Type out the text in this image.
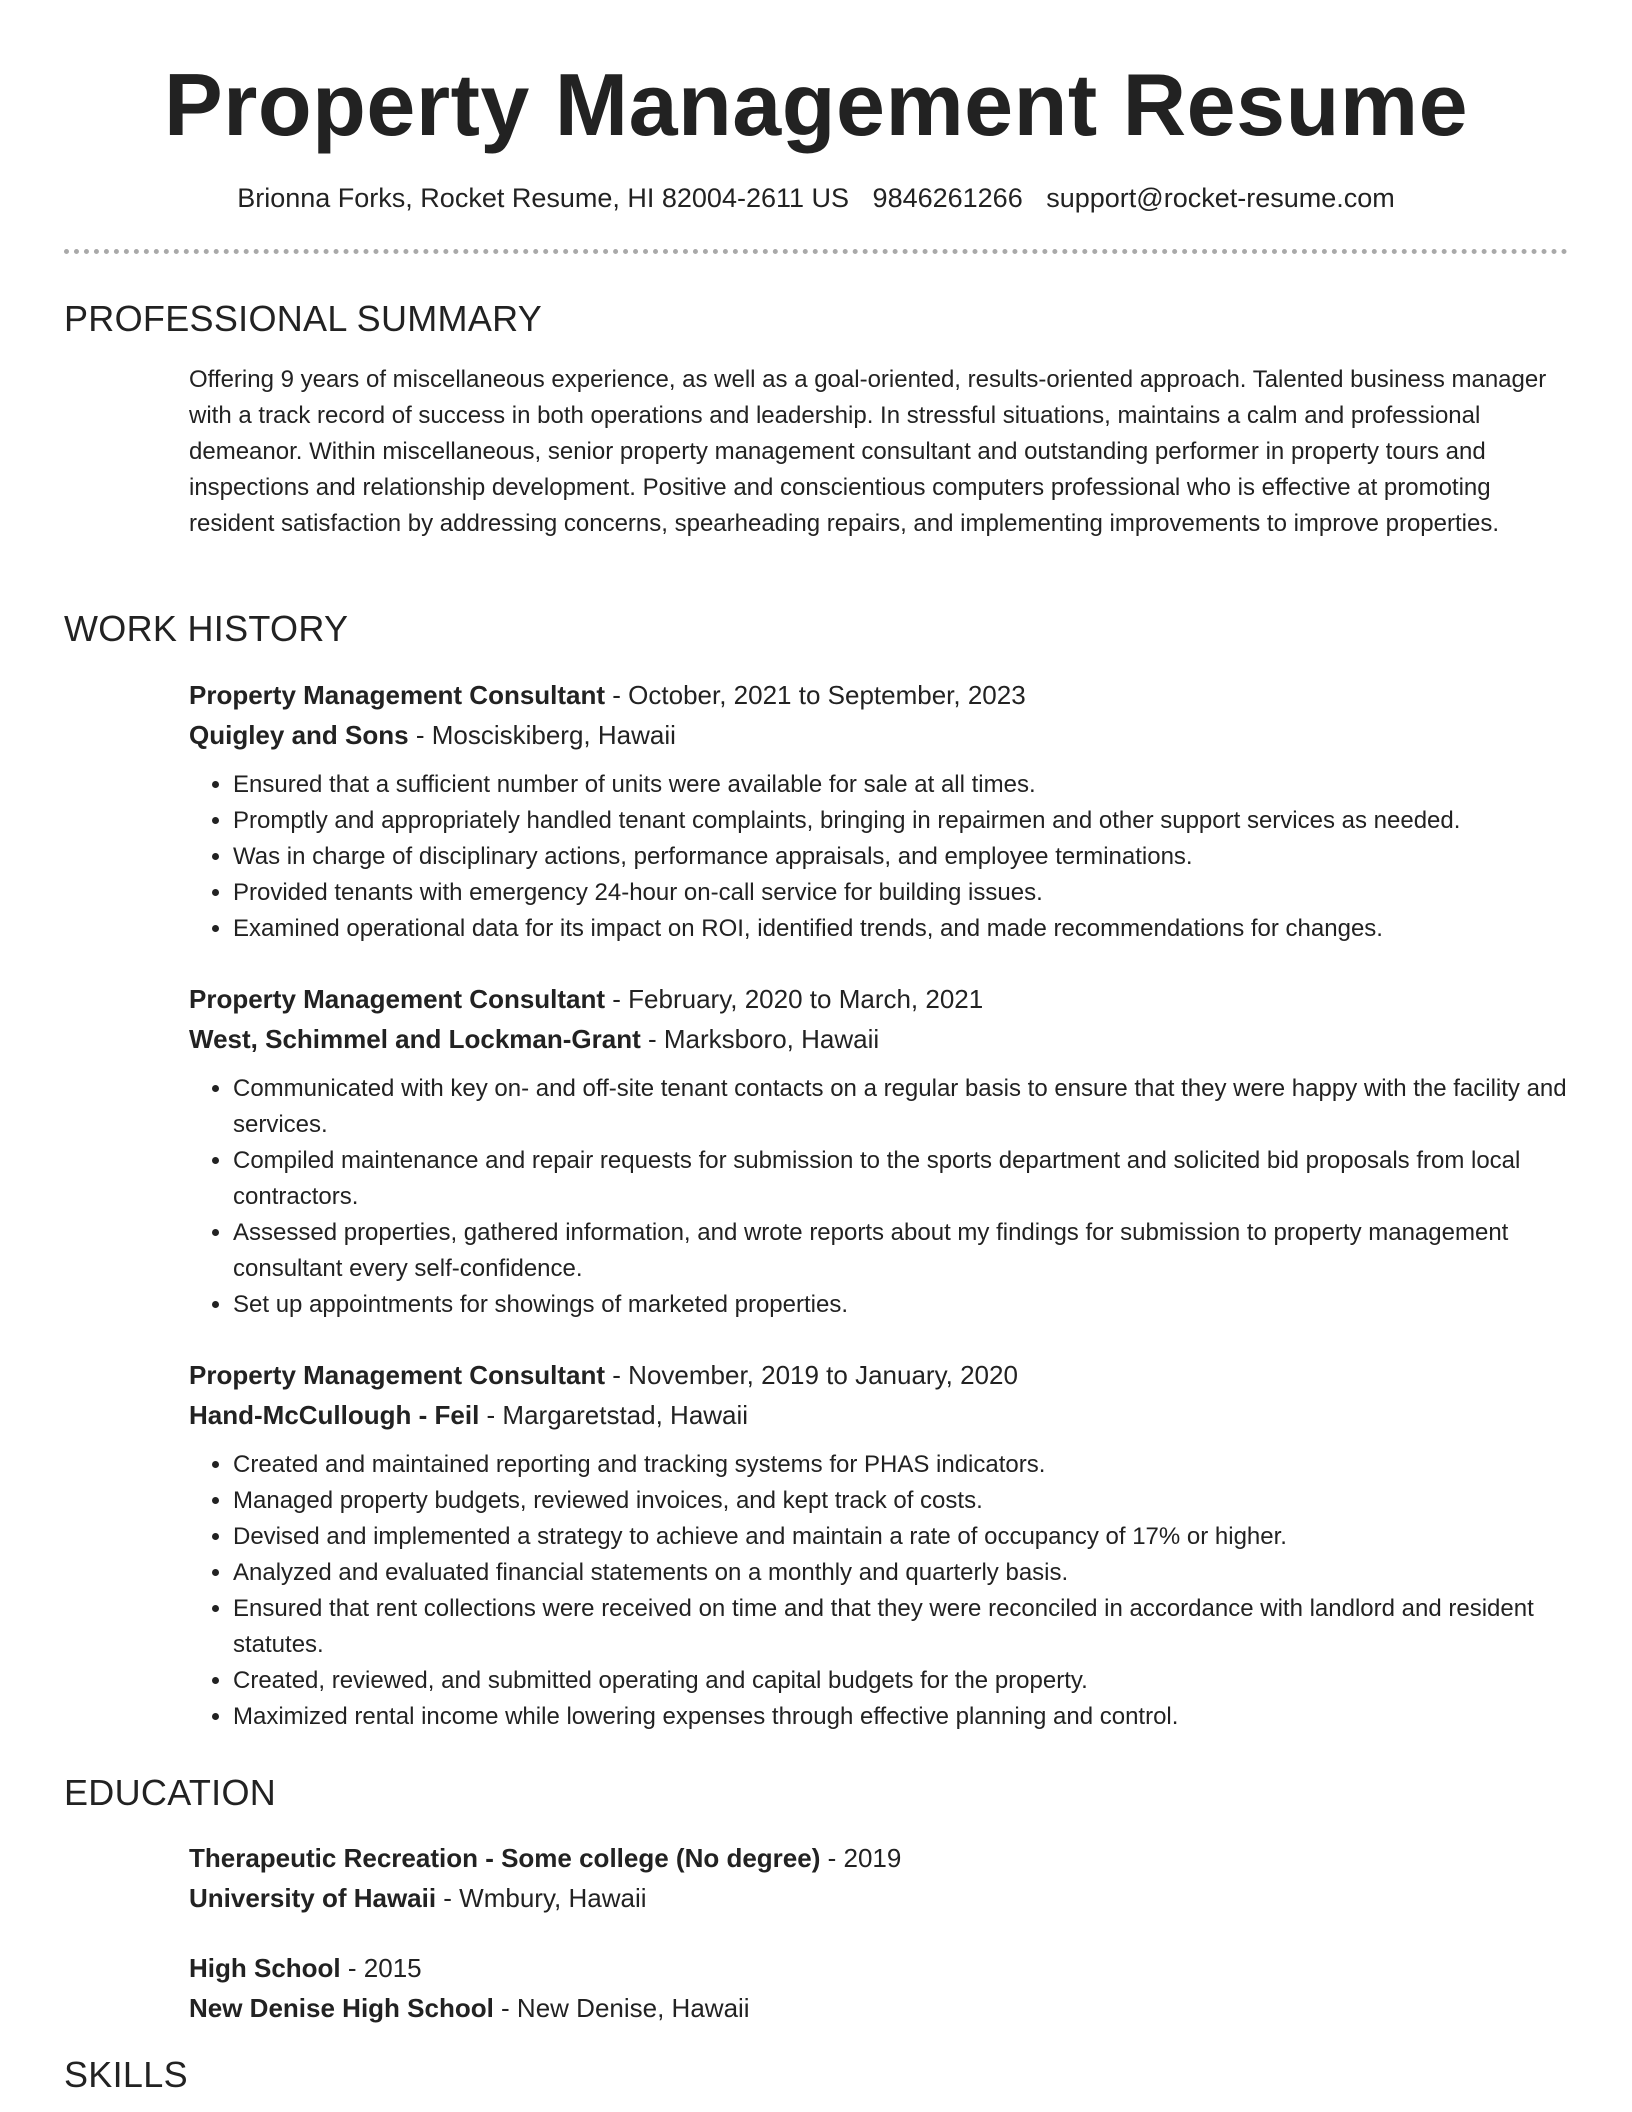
Property Management Resume
Brionna Forks, Rocket Resume, HI 82004-2611 US 9846261266 support@rocket-resume.com
PROFESSIONAL SUMMARY

Offering 9 years of miscellaneous experience, as well as a goal-oriented, results-oriented approach. Talented business manager with a track record of success in both operations and leadership. In stressful situations, maintains a calm and professional demeanor. Within miscellaneous, senior property management consultant and outstanding performer in property tours and inspections and relationship development. Positive and conscientious computers professional who is effective at promoting resident satisfaction by addressing concerns, spearheading repairs, and implementing improvements to improve properties.

WORK HISTORY

Property Management Consultant - October, 2021 to September, 2023

Quigley and Sons - Mosciskiberg, Hawaii

• Ensured that a sufficient number of units were available for sale at all times.
• Promptly and appropriately handled tenant complaints, bringing in repairmen and other support services as needed.
• Was in charge of disciplinary actions, performance appraisals, and employee terminations.
• Provided tenants with emergency 24-hour on-call service for building issues.
• Examined operational data for its impact on ROI, identified trends, and made recommendations for changes.

Property Management Consultant - February, 2020 to March, 2021

West, Schimmel and Lockman-Grant - Marksboro, Hawaii

• Communicated with key on- and off-site tenant contacts on a regular basis to ensure that they were happy with the facility and services.
• Compiled maintenance and repair requests for submission to the sports department and solicited bid proposals from local contractors.
• Assessed properties, gathered information, and wrote reports about my findings for submission to property management consultant every self-confidence.
• Set up appointments for showings of marketed properties.

Property Management Consultant - November, 2019 to January, 2020

Hand-McCullough - Feil - Margaretstad, Hawaii

• Created and maintained reporting and tracking systems for PHAS indicators.
• Managed property budgets, reviewed invoices, and kept track of costs.
• Devised and implemented a strategy to achieve and maintain a rate of occupancy of 17% or higher.
• Analyzed and evaluated financial statements on a monthly and quarterly basis.
• Ensured that rent collections were received on time and that they were reconciled in accordance with landlord and resident statutes.
• Created, reviewed, and submitted operating and capital budgets for the property.
• Maximized rental income while lowering expenses through effective planning and control.
EDUCATION

Therapeutic Recreation - Some college (No degree) - 2019

University of Hawaii - Wmbury, Hawaii

High School - 2015

New Denise High School - New Denise, Hawaii

SKILLS
